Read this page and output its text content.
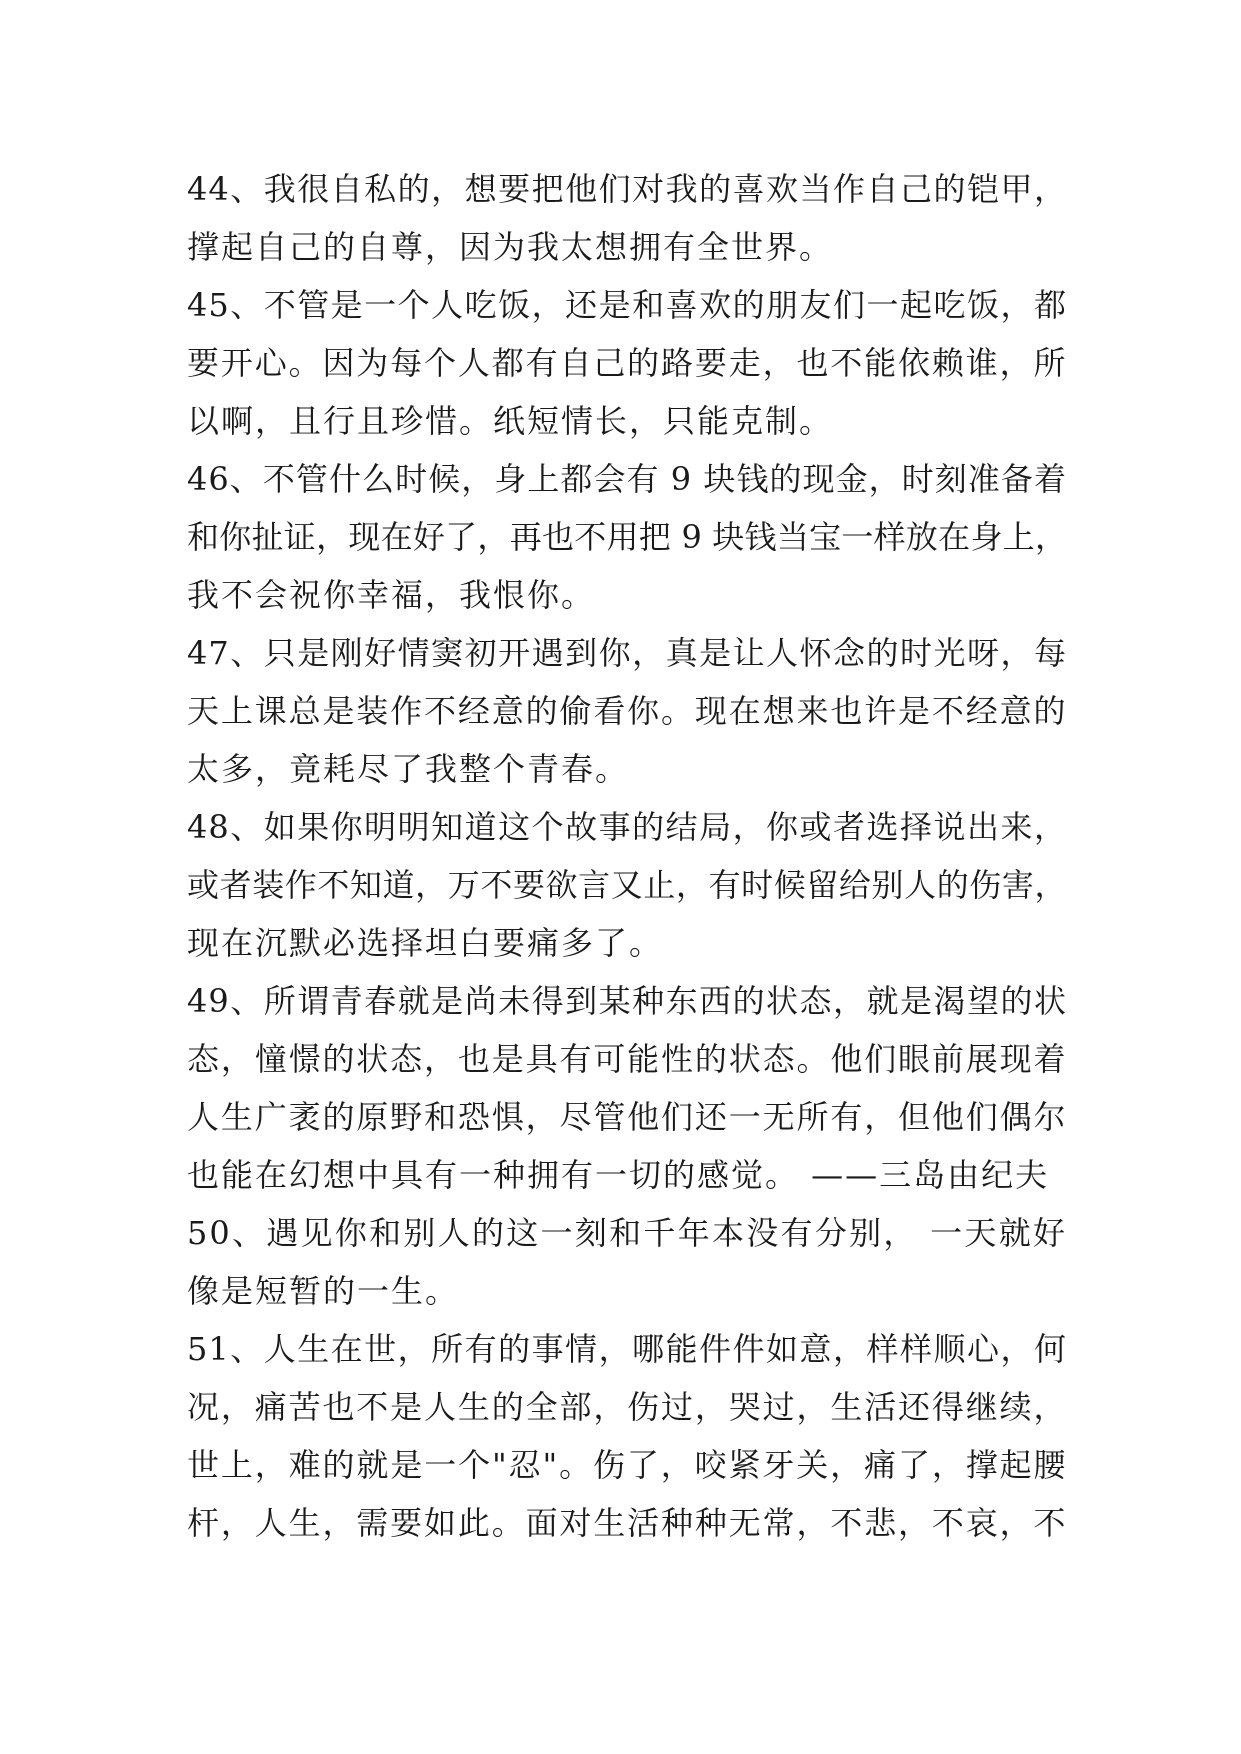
44、我很自私的，想要把他们对我的喜欢当作自己的铠甲，
撑起自己的自尊，因为我太想拥有全世界。

45、不管是一个人吃饭，还是和喜欢的朋友们一起吃饭，都
要开心。因为每个人都有自己的路要走，也不能依赖谁，所
以啊，且行且珍惜。纸短情长，只能克制。

46、不管什么时候，身上都会有 9 块钱的现金，时刻准备着
和你扯证，现在好了，再也不用把 9 块钱当宝一样放在身上，
我不会祝你幸福，我恨你。

47、只是刚好情窦初开遇到你，真是让人怀念的时光呀，每
天上课总是装作不经意的偷看你。现在想来也许是不经意的
太多，竟耗尽了我整个青春。

48、如果你明明知道这个故事的结局，你或者选择说出来，
或者装作不知道，万不要欲言又止，有时候留给别人的伤害，
现在沉默必选择坦白要痛多了。

49、所谓青春就是尚未得到某种东西的状态，就是渴望的状
态，憧憬的状态，也是具有可能性的状态。他们眼前展现着
人生广袤的原野和恐惧，尽管他们还一无所有，但他们偶尔
也能在幻想中具有一种拥有一切的感觉。 ——三岛由纪夫

50、遇见你和别人的这一刻和千年本没有分别， 一天就好
像是短暂的一生。

51、人生在世，所有的事情，哪能件件如意，样样顺心，何
况，痛苦也不是人生的全部，伤过，哭过，生活还得继续，
世上，难的就是一个"忍"。伤了，咬紧牙关，痛了，撑起腰
杆，人生，需要如此。面对生活种种无常，不悲，不哀，不
